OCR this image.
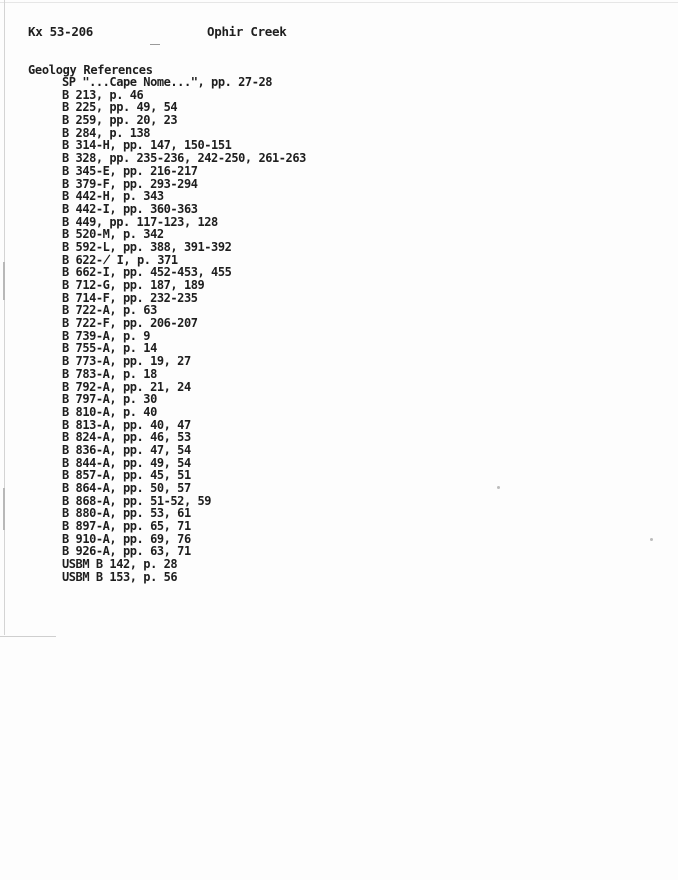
Kx 53-206	Ophir Creek
Geology References
SP "...Cape Nome...", pp. 27-28
B 213, p. 46
B 225, pp. 49, 54
B 259, pp. 20, 23
B 284, p. 138
B 314-H, pp. 147, 150-151
B 328, pp. 235-236, 242-250, 261-263
B 345-E, pp. 216-217
B 379-F, pp. 293-294
B 442-H, p. 343
B 442-I, pp. 360-363
B 449, pp. 117-123, 128
B 520-M, p. 342
B 592-L, pp. 388, 391-392
B 622-̸ I, p. 371
B 662-I, pp. 452-453, 455
B 712-G, pp. 187, 189
B 714-F, pp. 232-235
B 722-A, p. 63
B 722-F, pp. 206-207
B 739-A, p. 9
B 755-A, p. 14
B 773-A, pp. 19, 27
B 783-A, p. 18
B 792-A, pp. 21, 24
B 797-A, p. 30
B 810-A, p. 40
B 813-A, pp. 40, 47
B 824-A, pp. 46, 53
B 836-A, pp. 47, 54
B 844-A, pp. 49, 54
B 857-A, pp. 45, 51
B 864-A, pp. 50, 57
B 868-A, pp. 51-52, 59
B 880-A, pp. 53, 61
B 897-A, pp. 65, 71
B 910-A, pp. 69, 76
B 926-A, pp. 63, 71
USBM B 142, p. 28
USBM B 153, p. 56
